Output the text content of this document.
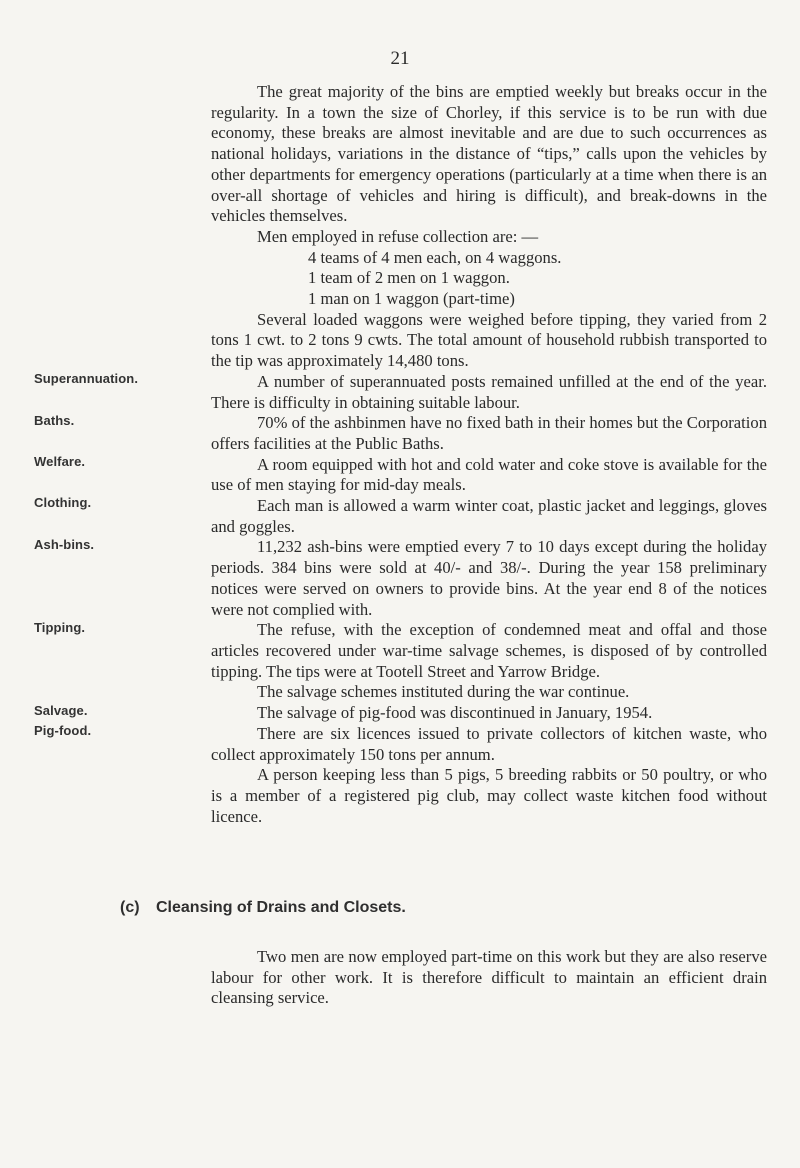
21

The great majority of the bins are emptied weekly but breaks occur in the regularity. In a town the size of Chorley, if this service is to be run with due economy, these breaks are almost inevitable and are due to such occurrences as national holidays, variations in the distance of “tips,” calls upon the vehicles by other departments for emergency operations (particularly at a time when there is an over-all shortage of vehicles and hiring is difficult), and break-downs in the vehicles themselves.

Men employed in refuse collection are: —

4 teams of 4 men each, on 4 waggons.
1 team of 2 men on 1 waggon.
1 man on 1 waggon (part-time)

Several loaded waggons were weighed before tipping, they varied from 2 tons 1 cwt. to 2 tons 9 cwts. The total amount of household rubbish transported to the tip was approximately 14,480 tons.

A number of superannuated posts remained unfilled at the end of the year. There is difficulty in obtaining suitable labour.

70% of the ashbinmen have no fixed bath in their homes but the Corporation offers facilities at the Public Baths.

A room equipped with hot and cold water and coke stove is available for the use of men staying for mid-day meals.

Each man is allowed a warm winter coat, plastic jacket and leggings, gloves and goggles.

11,232 ash-bins were emptied every 7 to 10 days except during the holiday periods. 384 bins were sold at 40/- and 38/-. During the year 158 preliminary notices were served on owners to provide bins. At the year end 8 of the notices were not complied with.

The refuse, with the exception of condemned meat and offal and those articles recovered under war-time salvage schemes, is disposed of by controlled tipping. The tips were at Tootell Street and Yarrow Bridge.

The salvage schemes instituted during the war continue.

The salvage of pig-food was discontinued in January, 1954.

There are six licences issued to private collectors of kitchen waste, who collect approximately 150 tons per annum.

A person keeping less than 5 pigs, 5 breeding rabbits or 50 poultry, or who is a member of a registered pig club, may collect waste kitchen food without licence.

Superannuation.
Baths.
Welfare.
Clothing.
Ash-bins.
Tipping.
Salvage.
Pig-food.
(c) Cleansing of Drains and Closets.

Two men are now employed part-time on this work but they are also reserve labour for other work. It is therefore difficult to maintain an efficient drain cleansing service.
